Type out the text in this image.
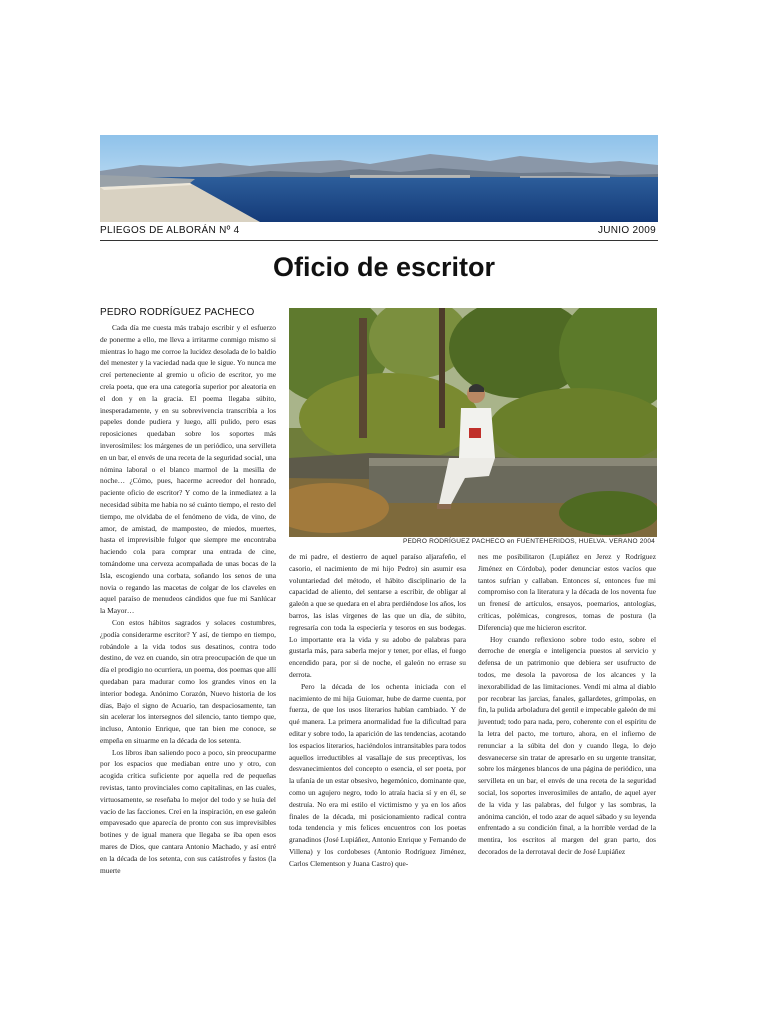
PLIEGOS DE ALBORÁN Nº 4	JUNIO 2009
Oficio de escritor
PEDRO RODRÍGUEZ PACHECO
PEDRO RODRÍGUEZ PACHECO en FUENTEHERIDOS, HUELVA. VERANO 2004

Cada día me cuesta más trabajo escribir y el esfuerzo de ponerme a ello, me lleva a irritarme conmigo mismo si mientras lo hago me corroe la lucidez desolada de lo baldío del menester y la vaciedad nada que le sigue. Yo nunca me creí perteneciente al gremio u oficio de escritor, yo me creía poeta, que era una categoría superior por aleatoria en el don y en la gracia. El poema llegaba súbito, inesperadamente, y en su sobrevivencia transcribía a los papeles donde pudiera y luego, allí pulido, pero esas reposiciones quedaban sobre los soportes más inverosímiles: los márgenes de un periódico, una servilleta en un bar, el envés de una receta de la seguridad social, una nómina laboral o el blanco marmol de la mesilla de noche… ¿Cómo, pues, hacerme acreedor del honrado, paciente oficio de escritor? Y como de la inmediatez a la necesidad súbita me habia no sé cuánto tiempo, el resto del tiempo, me olvidaba de el fenómeno de vida, de vino, de amor, de amistad, de mamposteo, de miedos, muertes, hasta el imprevisible fulgor que siempre me encontraba haciendo cola para comprar una entrada de cine, tomándome una cerveza acompañada de unas bocas de la Isla, escogiendo una corbata, soñando los senos de una novia o regando las macetas de colgar de los claveles en aquel paraíso de menudeos cándidos que fue mi Sanlúcar la Mayor…

Con estos hábitos sagrados y solaces costumbres, ¿podía considerarme escritor? Y así, de tiempo en tiempo, robándole a la vida todos sus desatinos, contra todo destino, de vez en cuando, sin otra preocupación de que un día el prodigio no ocurriera, un poema, dos poemas que allí quedaban para madurar como los grandes vinos en la interior bodega. Anónimo Corazón, Nuevo historia de los días, Bajo el signo de Acuario, tan despaciosamente, tan sin acelerar los intersegnos del silencio, tanto tiempo que, incluso, Antonio Enrique, que tan bien me conoce, se empeña en situarme en la década de los setenta.

Los libros iban saliendo poco a poco, sin preocuparme por los espacios que mediaban entre uno y otro, con acogida crítica suficiente por aquella red de pequeñas revistas, tanto provinciales como capitalinas, en las cuales, virtuosamente, se reseñaba lo mejor del todo y se huía del vacío de las facciones. Creí en la inspiración, en ese galeón empavesado que aparecía de pronto con sus imprevisibles botines y de igual manera que llegaba se iba open esos mares de Dios, que cantara Antonio Machado, y así entré en la década de los setenta, con sus catástrofes y fastos (la muerte

de mi padre, el destierro de aquel paraíso aljarafeño, el casorio, el nacimiento de mi hijo Pedro) sin asumir esa voluntariedad del método, el hábito disciplinario de la capacidad de aliento, del sentarse a escribir, de obligar al galeón a que se quedara en el abra perdiéndose los años, los barros, las islas vírgenes de las que un día, de súbito, regresaría con toda la especiería y tesoros en sus bodegas. Lo importante era la vida y su adobo de palabras para gustarla más, para saberla mejor y tener, por ellas, el fuego encendido para, por si de noche, el galeón no errase su derrota.

Pero la década de los ochenta iniciada con el nacimiento de mi hija Guiomar, hube de darme cuenta, por fuerza, de que los usos literarios habían cambiado. Y de qué manera. La primera anormalidad fue la dificultad para editar y sobre todo, la aparición de las tendencias, acotando los espacios literarios, haciéndolos intransitables para todos aquellos irreductibles al vasallaje de sus preceptivas, los desvanecimientos del concepto o esencia, el ser poeta, por la ufanía de un estar obsesivo, hegemónico, dominante que, como un agujero negro, todo lo atraía hacia sí y en él, se destruía. No era mi estilo el victimismo y ya en los años finales de la década, mi posicionamiento radical contra toda tendencia y mis felices encuentros con los poetas granadinos (José Lupiáñez, Antonio Enrique y Fernando de Villena) y los cordobeses (Antonio Rodríguez Jiménez, Carlos Clementson y Juana Castro) que-

nes me posibilitaron (Lupiáñez en Jerez y Rodríguez Jiménez en Córdoba), poder denunciar estos vacíos que tantos sufrían y callaban. Entonces sí, entonces fue mi compromiso con la literatura y la década de los noventa fue un frenesí de artículos, ensayos, poemarios, antologías, críticas, polémicas, congresos, tomas de postura (la Diferencia) que me hicieron escritor.

Hoy cuando reflexiono sobre todo esto, sobre el derroche de energía e inteligencia puestos al servicio y defensa de un patrimonio que debiera ser usufructo de todos, me desola la pavorosa de los alcances y la inexorabilidad de las limitaciones. Vendí mi alma al diablo por recobrar las jarcias, fanales, gallardetes, grímpolas, en fin, la pulida arboladura del gentil e impecable galeón de mi juventud; todo para nada, pero, coherente con el espíritu de la letra del pacto, me torturo, ahora, en el infierno de renunciar a la súbita del don y cuando llega, lo dejo desvanecerse sin tratar de apresarlo en su urgente transitar, sobre los márgenes blancos de una página de periódico, una servilleta en un bar, el envés de una receta de la seguridad social, los soportes inverosímiles de antaño, de aquel ayer de la vida y las palabras, del fulgor y las sombras, la anónima canción, el todo azar de aquel sábado y su leyenda enfrentado a su condición final, a la horrible verdad de la mentira, los escritos al margen del gran parto, dos decorados de la derrotaval decir de José Lupiáñez
